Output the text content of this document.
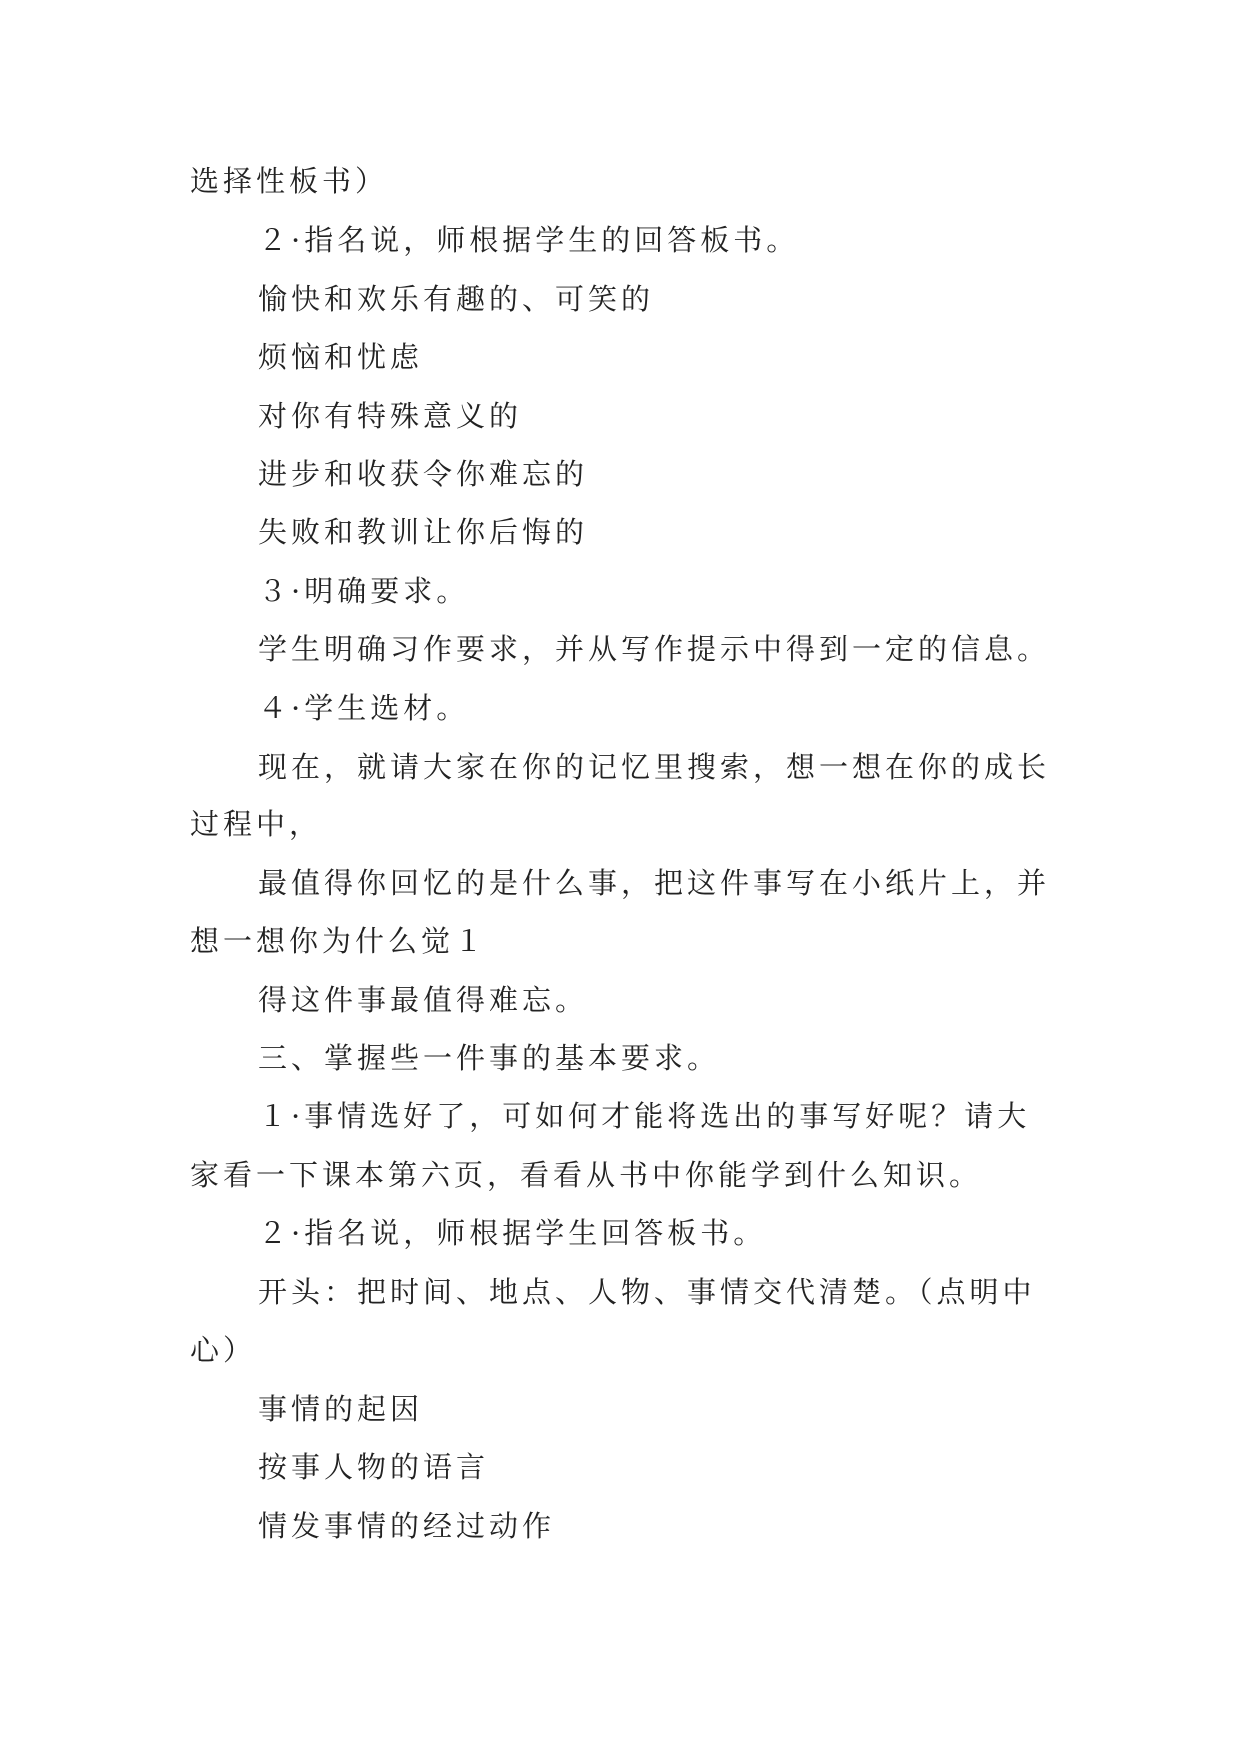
选择性板书）
２·指名说，师根据学生的回答板书。
愉快和欢乐有趣的、可笑的
烦恼和忧虑
对你有特殊意义的
进步和收获令你难忘的
失败和教训让你后悔的
３·明确要求。
学生明确习作要求，并从写作提示中得到一定的信息。
４·学生选材。
现在，就请大家在你的记忆里搜索，想一想在你的成长
过程中，
最值得你回忆的是什么事，把这件事写在小纸片上，并
想一想你为什么觉１
得这件事最值得难忘。
三、掌握些一件事的基本要求。
１·事情选好了，可如何才能将选出的事写好呢？请大
家看一下课本第六页，看看从书中你能学到什么知识。
２·指名说，师根据学生回答板书。
开头：把时间、地点、人物、事情交代清楚。（点明中
心）
事情的起因
按事人物的语言
情发事情的经过动作
